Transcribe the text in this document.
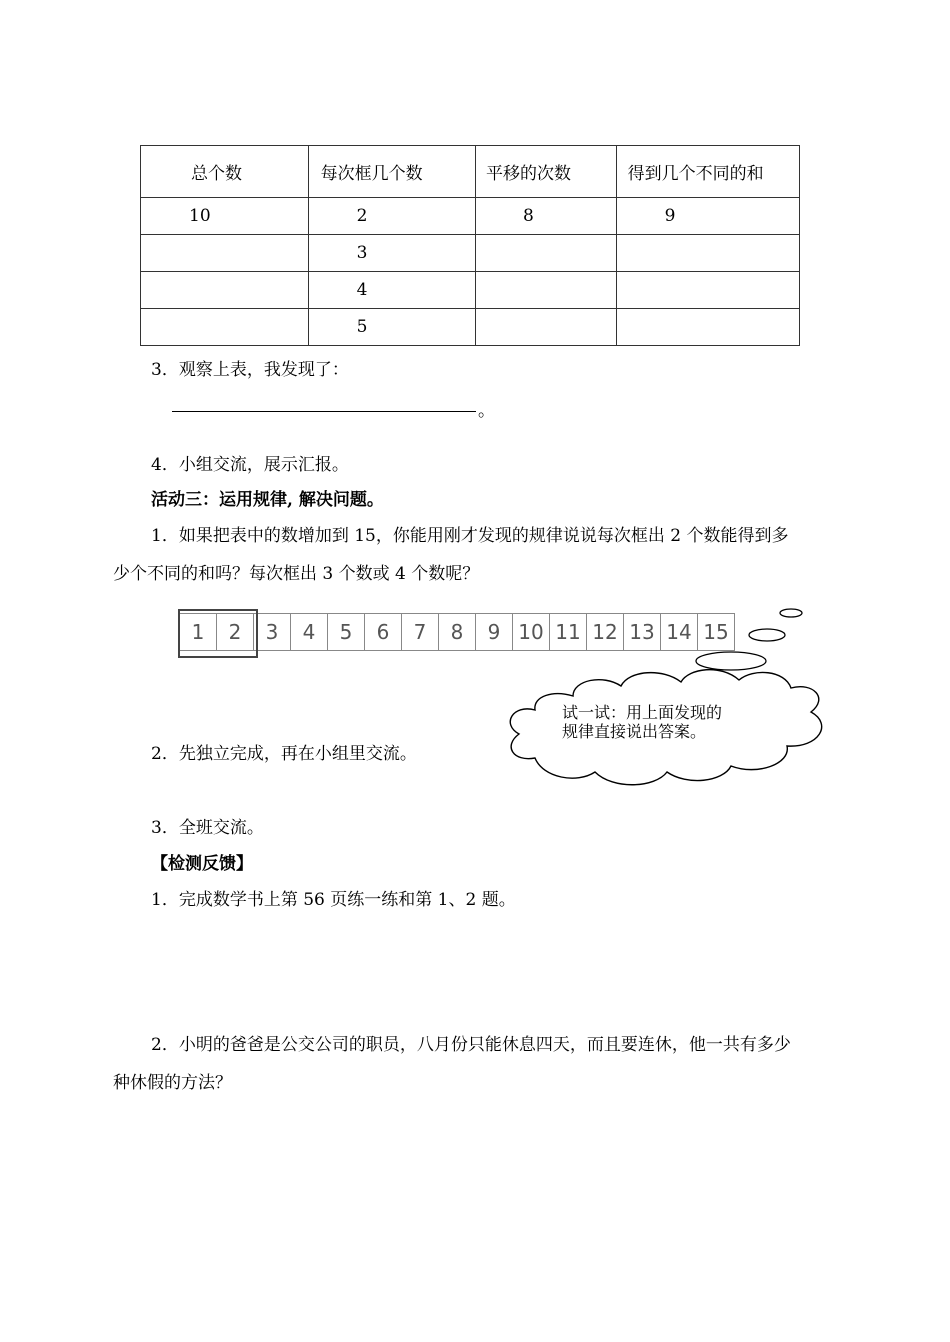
总个数	每次框几个数	平移的次数	得到几个不同的和
10	2	8	9
	3		
	4		
	5		
3．观察上表，我发现了：
。
4．小组交流，展示汇报。
活动三：运用规律, 解决问题。
1．如果把表中的数增加到 15，你能用刚才发现的规律说说每次框出 2 个数能得到多
少个不同的和吗？每次框出 3 个数或 4 个数呢？
1	2	3	4	5	6	7	8	9 10 11 12 13 14 15
试一试：用上面发现的
规律直接说出答案。
2．先独立完成，再在小组里交流。
3．全班交流。
【检测反馈】
1．完成数学书上第 56 页练一练和第 1、2 题。
2．小明的爸爸是公交公司的职员，八月份只能休息四天，而且要连休，他一共有多少
种休假的方法？
